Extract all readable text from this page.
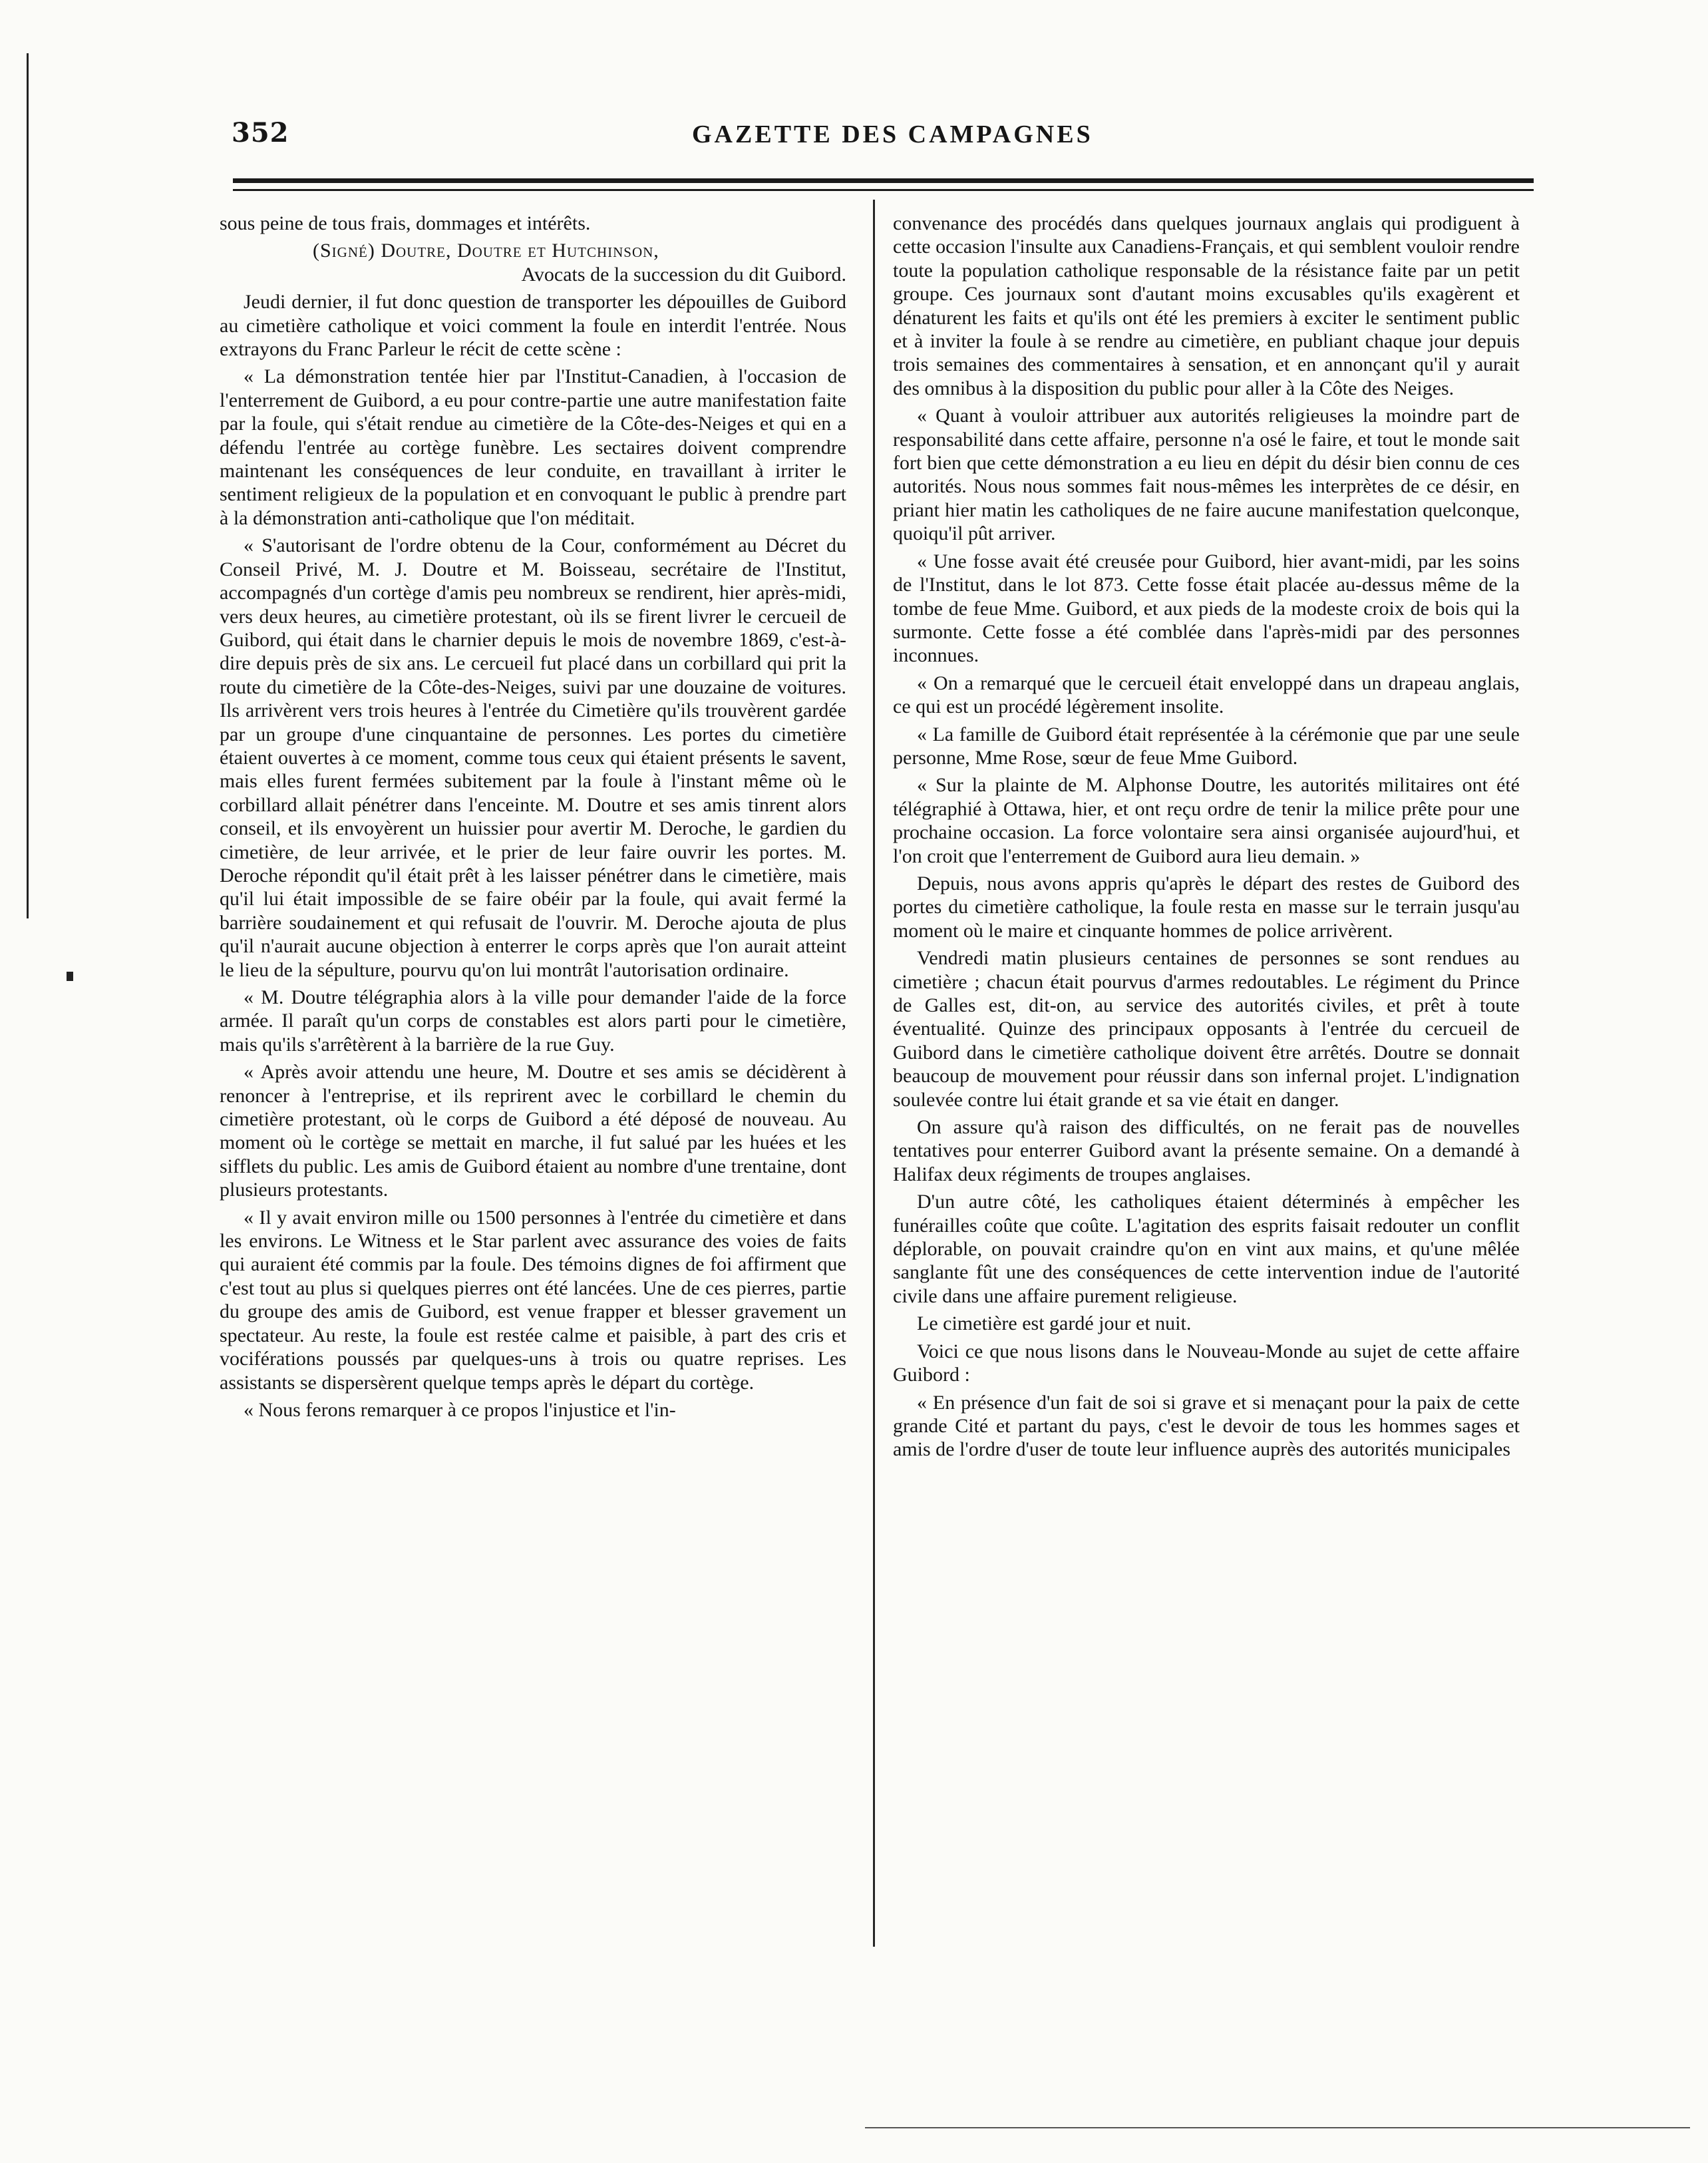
352	GAZETTE DES CAMPAGNES

sous peine de tous frais, dommages et intérêts.

(Signé) Doutre, Doutre et Hutchinson,

Avocats de la succession du dit Guibord.

Jeudi dernier, il fut donc question de transporter les dépouilles de Guibord au cimetière catholique et voici comment la foule en interdit l'entrée. Nous extrayons du Franc Parleur le récit de cette scène :

« La démonstration tentée hier par l'Institut-Canadien, à l'occasion de l'enterrement de Guibord, a eu pour contre-partie une autre manifestation faite par la foule, qui s'était rendue au cimetière de la Côte-des-Neiges et qui en a défendu l'entrée au cortège funèbre. Les sectaires doivent comprendre maintenant les conséquences de leur conduite, en travaillant à irriter le sentiment religieux de la population et en convoquant le public à prendre part à la démonstration anti-catholique que l'on méditait.

« S'autorisant de l'ordre obtenu de la Cour, conformément au Décret du Conseil Privé, M. J. Doutre et M. Boisseau, secrétaire de l'Institut, accompagnés d'un cortège d'amis peu nombreux se rendirent, hier après-midi, vers deux heures, au cimetière protestant, où ils se firent livrer le cercueil de Guibord, qui était dans le charnier depuis le mois de novembre 1869, c'est-à-dire depuis près de six ans. Le cercueil fut placé dans un corbillard qui prit la route du cimetière de la Côte-des-Neiges, suivi par une douzaine de voitures. Ils arrivèrent vers trois heures à l'entrée du Cimetière qu'ils trouvèrent gardée par un groupe d'une cinquantaine de personnes. Les portes du cimetière étaient ouvertes à ce moment, comme tous ceux qui étaient présents le savent, mais elles furent fermées subitement par la foule à l'instant même où le corbillard allait pénétrer dans l'enceinte. M. Doutre et ses amis tinrent alors conseil, et ils envoyèrent un huissier pour avertir M. Deroche, le gardien du cimetière, de leur arrivée, et le prier de leur faire ouvrir les portes. M. Deroche répondit qu'il était prêt à les laisser pénétrer dans le cimetière, mais qu'il lui était impossible de se faire obéir par la foule, qui avait fermé la barrière soudainement et qui refusait de l'ouvrir. M. Deroche ajouta de plus qu'il n'aurait aucune objection à enterrer le corps après que l'on aurait atteint le lieu de la sépulture, pourvu qu'on lui montrât l'autorisation ordinaire.

« M. Doutre télégraphia alors à la ville pour demander l'aide de la force armée. Il paraît qu'un corps de constables est alors parti pour le cimetière, mais qu'ils s'arrêtèrent à la barrière de la rue Guy.

« Après avoir attendu une heure, M. Doutre et ses amis se décidèrent à renoncer à l'entreprise, et ils reprirent avec le corbillard le chemin du cimetière protestant, où le corps de Guibord a été déposé de nouveau. Au moment où le cortège se mettait en marche, il fut salué par les huées et les sifflets du public. Les amis de Guibord étaient au nombre d'une trentaine, dont plusieurs protestants.

« Il y avait environ mille ou 1500 personnes à l'entrée du cimetière et dans les environs. Le Witness et le Star parlent avec assurance des voies de faits qui auraient été commis par la foule. Des témoins dignes de foi affirment que c'est tout au plus si quelques pierres ont été lancées. Une de ces pierres, partie du groupe des amis de Guibord, est venue frapper et blesser gravement un spectateur. Au reste, la foule est restée calme et paisible, à part des cris et vociférations poussés par quelques-uns à trois ou quatre reprises. Les assistants se dispersèrent quelque temps après le départ du cortège.

« Nous ferons remarquer à ce propos l'injustice et l'in-

convenance des procédés dans quelques journaux anglais qui prodiguent à cette occasion l'insulte aux Canadiens-Français, et qui semblent vouloir rendre toute la population catholique responsable de la résistance faite par un petit groupe. Ces journaux sont d'autant moins excusables qu'ils exagèrent et dénaturent les faits et qu'ils ont été les premiers à exciter le sentiment public et à inviter la foule à se rendre au cimetière, en publiant chaque jour depuis trois semaines des commentaires à sensation, et en annonçant qu'il y aurait des omnibus à la disposition du public pour aller à la Côte des Neiges.

« Quant à vouloir attribuer aux autorités religieuses la moindre part de responsabilité dans cette affaire, personne n'a osé le faire, et tout le monde sait fort bien que cette démonstration a eu lieu en dépit du désir bien connu de ces autorités. Nous nous sommes fait nous-mêmes les interprètes de ce désir, en priant hier matin les catholiques de ne faire aucune manifestation quelconque, quoiqu'il pût arriver.

« Une fosse avait été creusée pour Guibord, hier avant-midi, par les soins de l'Institut, dans le lot 873. Cette fosse était placée au-dessus même de la tombe de feue Mme. Guibord, et aux pieds de la modeste croix de bois qui la surmonte. Cette fosse a été comblée dans l'après-midi par des personnes inconnues.

« On a remarqué que le cercueil était enveloppé dans un drapeau anglais, ce qui est un procédé légèrement insolite.

« La famille de Guibord était représentée à la cérémonie que par une seule personne, Mme Rose, sœur de feue Mme Guibord.

« Sur la plainte de M. Alphonse Doutre, les autorités militaires ont été télégraphié à Ottawa, hier, et ont reçu ordre de tenir la milice prête pour une prochaine occasion. La force volontaire sera ainsi organisée aujourd'hui, et l'on croit que l'enterrement de Guibord aura lieu demain. »

Depuis, nous avons appris qu'après le départ des restes de Guibord des portes du cimetière catholique, la foule resta en masse sur le terrain jusqu'au moment où le maire et cinquante hommes de police arrivèrent.

Vendredi matin plusieurs centaines de personnes se sont rendues au cimetière ; chacun était pourvus d'armes redoutables. Le régiment du Prince de Galles est, dit-on, au service des autorités civiles, et prêt à toute éventualité. Quinze des principaux opposants à l'entrée du cercueil de Guibord dans le cimetière catholique doivent être arrêtés. Doutre se donnait beaucoup de mouvement pour réussir dans son infernal projet. L'indignation soulevée contre lui était grande et sa vie était en danger.

On assure qu'à raison des difficultés, on ne ferait pas de nouvelles tentatives pour enterrer Guibord avant la présente semaine. On a demandé à Halifax deux régiments de troupes anglaises.

D'un autre côté, les catholiques étaient déterminés à empêcher les funérailles coûte que coûte. L'agitation des esprits faisait redouter un conflit déplorable, on pouvait craindre qu'on en vint aux mains, et qu'une mêlée sanglante fût une des conséquences de cette intervention indue de l'autorité civile dans une affaire purement religieuse.

Le cimetière est gardé jour et nuit.

Voici ce que nous lisons dans le Nouveau-Monde au sujet de cette affaire Guibord :

« En présence d'un fait de soi si grave et si menaçant pour la paix de cette grande Cité et partant du pays, c'est le devoir de tous les hommes sages et amis de l'ordre d'user de toute leur influence auprès des autorités municipales
